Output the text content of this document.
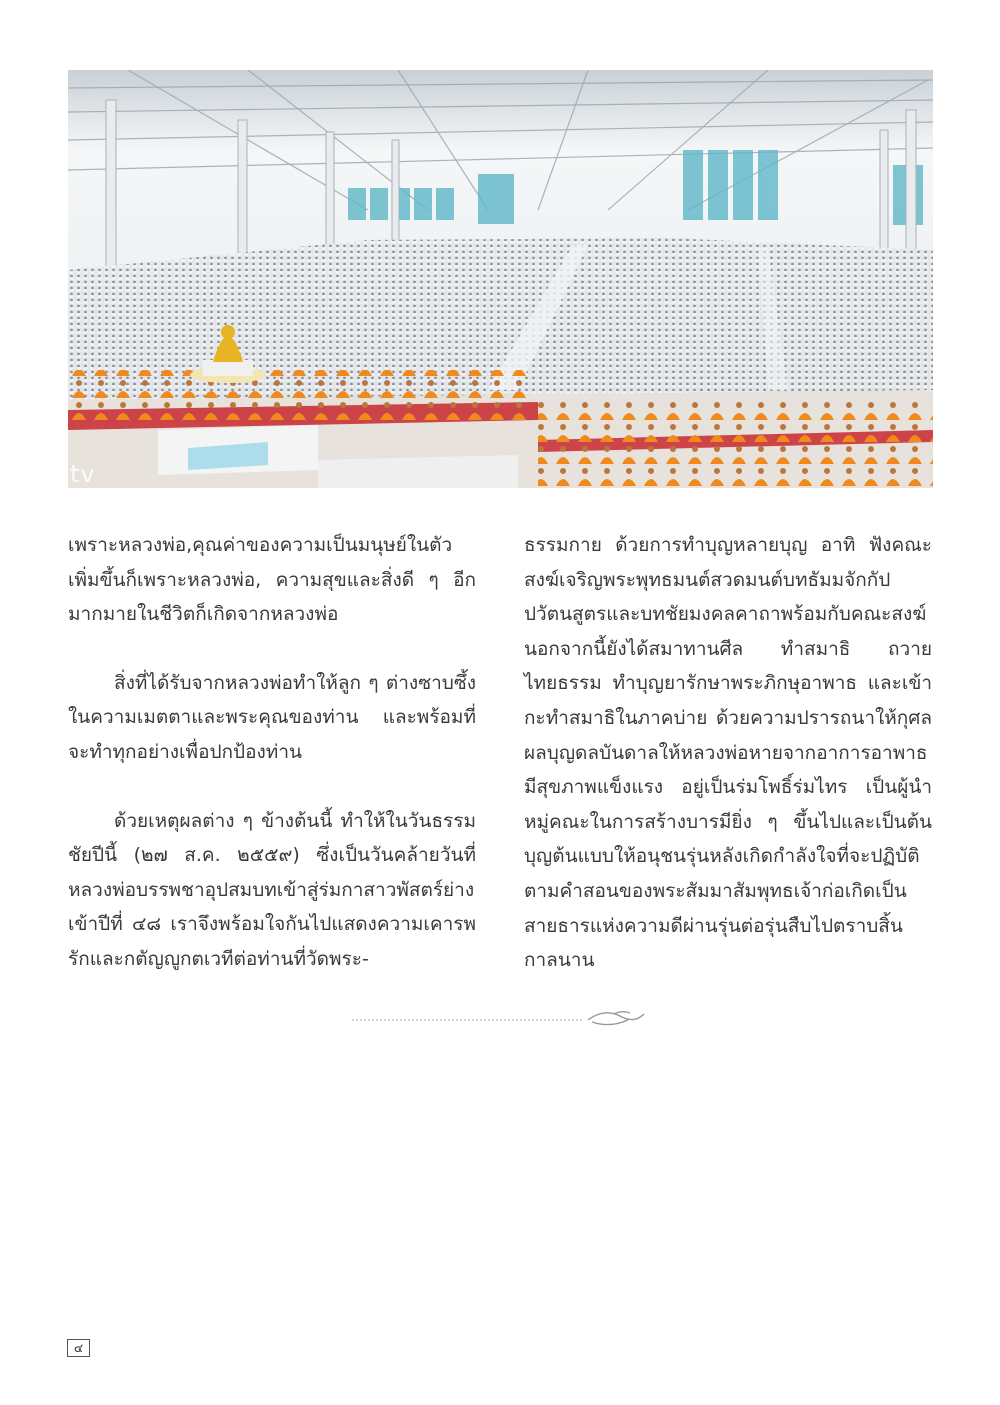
tv

เพราะหลวงพ่อ,คุณค่าของความเป็นมนุษย์ในตัวเพิ่มขึ้นก็เพราะหลวงพ่อ, ความสุขและสิ่งดี ๆ อีกมากมายในชีวิตก็เกิดจากหลวงพ่อ

สิ่งที่ได้รับจากหลวงพ่อทำให้ลูก ๆ ต่างซาบซึ้งในความเมตตาและพระคุณของท่าน และพร้อมที่จะทำทุกอย่างเพื่อปกป้องท่าน

ด้วยเหตุผลต่าง ๆ ข้างต้นนี้ ทำให้ในวันธรรมชัยปีนี้ (๒๗ ส.ค. ๒๕๕๙) ซึ่งเป็นวันคล้ายวันที่หลวงพ่อบรรพชาอุปสมบทเข้าสู่ร่มกาสาวพัสตร์ย่างเข้าปีที่ ๔๘ เราจึงพร้อมใจกันไปแสดงความเคารพรักและกตัญญูกตเวทีต่อท่านที่วัดพระ-

ธรรมกาย ด้วยการทำบุญหลายบุญ อาทิ ฟังคณะสงฆ์เจริญพระพุทธมนต์สวดมนต์บทธัมมจักกัปปวัตนสูตรและบทชัยมงคลคาถาพร้อมกับคณะสงฆ์ นอกจากนี้ยังได้สมาทานศีล ทำสมาธิ ถวายไทยธรรม ทำบุญยารักษาพระภิกษุอาพาธ และเข้ากะทำสมาธิในภาคบ่าย ด้วยความปรารถนาให้กุศลผลบุญดลบันดาลให้หลวงพ่อหายจากอาการอาพาธมีสุขภาพแข็งแรง อยู่เป็นร่มโพธิ์ร่มไทร เป็นผู้นำหมู่คณะในการสร้างบารมียิ่ง ๆ ขึ้นไปและเป็นต้นบุญต้นแบบให้อนุชนรุ่นหลังเกิดกำลังใจที่จะปฏิบัติตามคำสอนของพระสัมมาสัมพุทธเจ้าก่อเกิดเป็นสายธารแห่งความดีผ่านรุ่นต่อรุ่นสืบไปตราบสิ้นกาลนาน

๔
